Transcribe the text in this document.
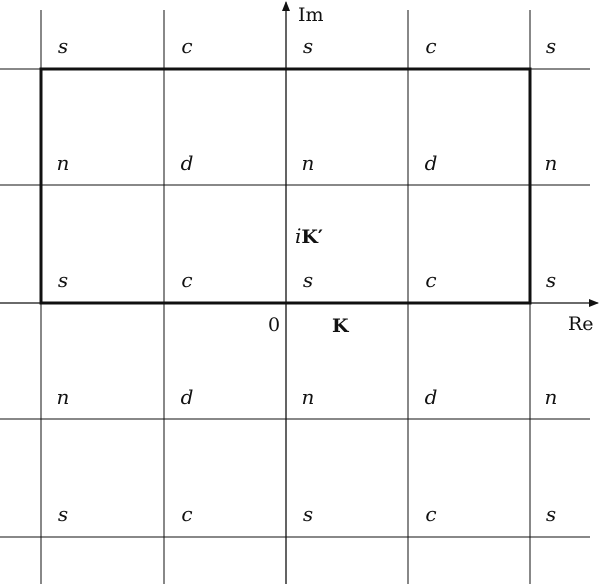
Im
Re
0	K
iK′
s	c	s	c	s
n	d	n	d	n
s	c	s	c	s
n	d	n	d	n
s	c	s	c	s
